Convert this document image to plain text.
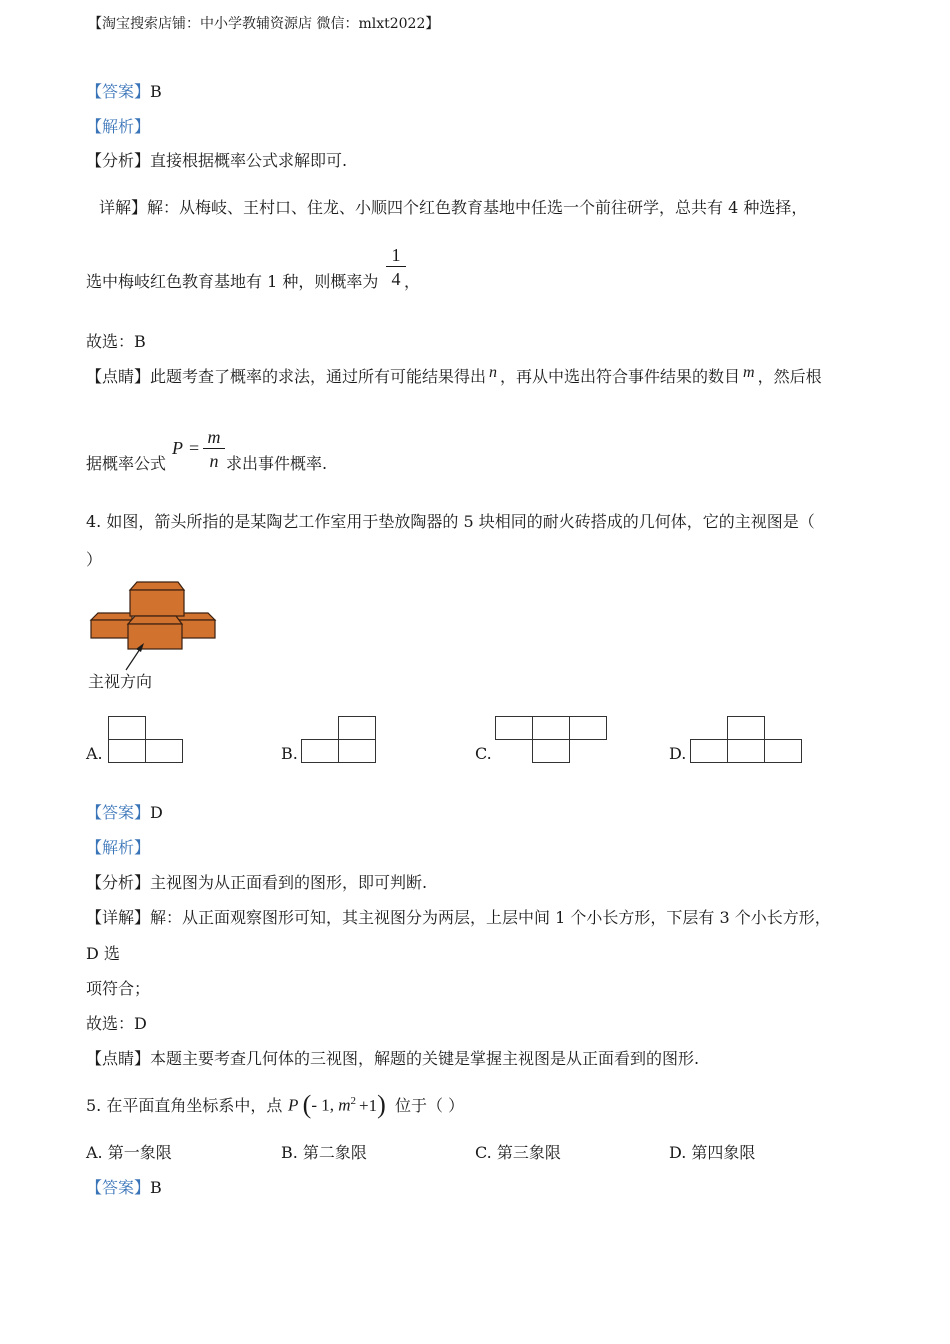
【淘宝搜索店铺：中小学教辅资源店 微信：mlxt2022】
【答案】B
【解析】
【分析】直接根据概率公式求解即可.
详解】解：从梅岐、王村口、住龙、小顺四个红色教育基地中任选一个前往研学，总共有 4 种选择，
选中梅岐红色教育基地有 1 种，则概率为
1
4 ，
故选：B
【点睛】此题考查了概率的求法，通过所有可能结果得出 n ，再从中选出符合事件结果的数目 m ，然后根
据概率公式
P =
m
n 求出事件概率.
4. 如图，箭头所指的是某陶艺工作室用于垫放陶器的 5 块相同的耐火砖搭成的几何体，它的主视图是（
）
主视方向
A.	B.	C.	D.
【答案】D
【解析】
【分析】主视图为从正面看到的图形，即可判断.
【详解】解：从正面观察图形可知，其主视图分为两层，上层中间 1 个小长方形，下层有 3 个小长方形，
D 选
项符合；
故选：D
【点睛】本题主要考查几何体的三视图，解题的关键是掌握主视图是从正面看到的图形.
5. 在平面直角坐标系中，点 P (- 1, $m^2 +1$) 位于（ ）
A. 第一象限	B. 第二象限	C. 第三象限	D. 第四象限
【答案】B
